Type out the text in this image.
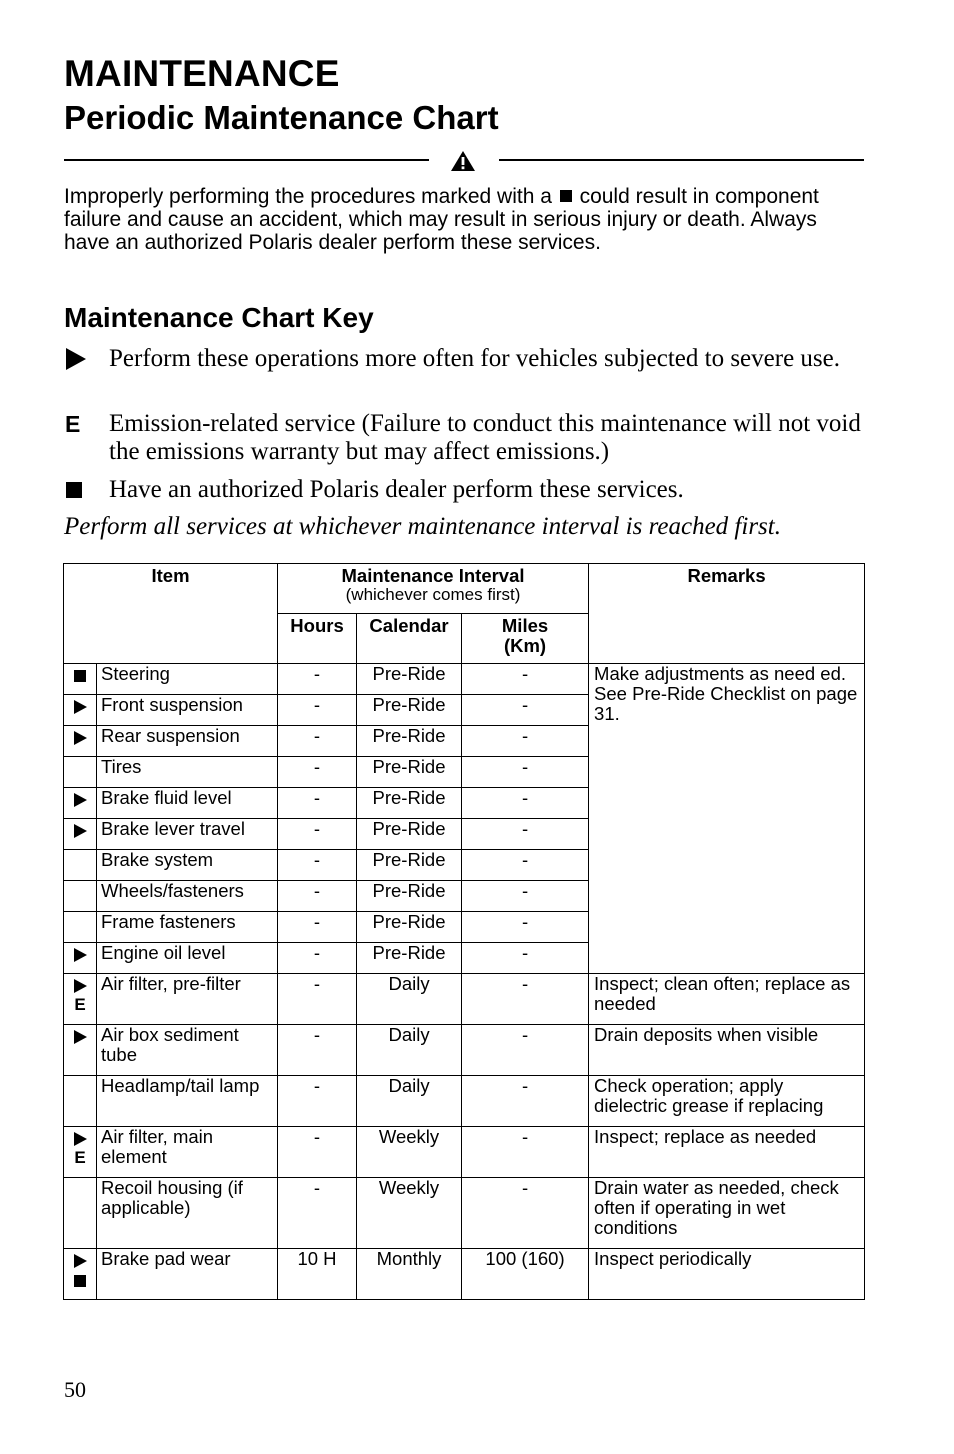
MAINTENANCE
Periodic Maintenance Chart
Improperly performing the procedures marked with a could result in component failure and cause an accident, which may result in serious injury or death. Always have an authorized Polaris dealer perform these services.
Maintenance Chart Key
Perform these operations more often for vehicles subjected to severe use.
E Emission-related service (Failure to conduct this maintenance will not void the emissions warranty but may affect emissions.)
Have an authorized Polaris dealer perform these services.
Perform all services at whichever maintenance interval is reached first.
Item		Maintenance Interval
(whichever comes first)			Remarks
		Hours	Calendar	Miles (Km)	
	Steering	-	Pre-Ride	-	Make adjustments as need ed. See Pre-Ride Checklist on page 31.
	Front suspension	-	Pre-Ride	-	
	Rear suspension	-	Pre-Ride	-	
	Tires	-	Pre-Ride	-	
	Brake fluid level	-	Pre-Ride	-	
	Brake lever travel	-	Pre-Ride	-	
	Brake system	-	Pre-Ride	-	
	Wheels/fasteners	-	Pre-Ride	-	
	Frame fasteners	-	Pre-Ride	-	
	Engine oil level	-	Pre-Ride	-	

E	Air filter, pre-filter	-	Daily	-	Inspect; clean often; replace as needed
	Air box sediment tube	-	Daily	-	Drain deposits when visible
	Headlamp/tail lamp	-	Daily	-	Check operation; apply dielectric grease if replacing

E	Air filter, main element	-	Weekly	-	Inspect; replace as needed
	Recoil housing (if applicable)	-	Weekly	-	Drain water as needed, check often if operating in wet conditions

	Brake pad wear	10 H	Monthly	100 (160)	Inspect periodically
50
